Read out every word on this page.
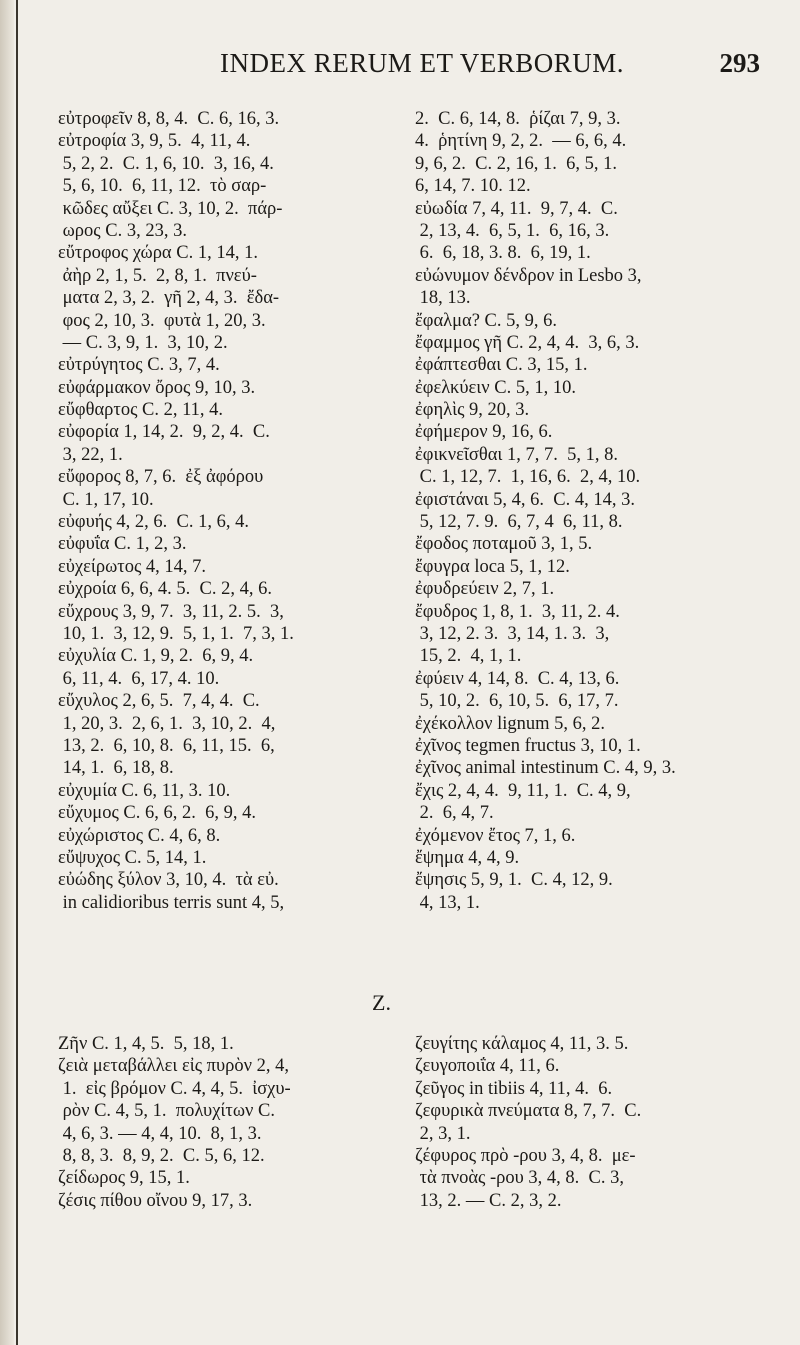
INDEX RERUM ET VERBORUM.	293
εὐτροφεῖν 8, 8, 4.  C. 6, 16, 3.
εὐτροφία 3, 9, 5.  4, 11, 4.
5, 2, 2.  C. 1, 6, 10.  3, 16, 4.
5, 6, 10.  6, 11, 12.  τὸ σαρ-
κῶδες αὔξει C. 3, 10, 2.  πάρ-
ωρος C. 3, 23, 3.
εὔτροφος χώρα C. 1, 14, 1.
ἀὴρ 2, 1, 5.  2, 8, 1.  πνεύ-
ματα 2, 3, 2.  γῆ 2, 4, 3.  ἔδα-
φος 2, 10, 3.  φυτὰ 1, 20, 3.
— C. 3, 9, 1.  3, 10, 2.
εὐτρύγητος C. 3, 7, 4.
εὐφάρμακον ὄρος 9, 10, 3.
εὔφθαρτος C. 2, 11, 4.
εὐφορία 1, 14, 2.  9, 2, 4.  C.
3, 22, 1.
εὔφορος 8, 7, 6.  ἐξ ἀφόρου
C. 1, 17, 10.
εὐφυής 4, 2, 6.  C. 1, 6, 4.
εὐφυΐα C. 1, 2, 3.
εὐχείρωτος 4, 14, 7.
εὐχροία 6, 6, 4. 5.  C. 2, 4, 6.
εὔχρους 3, 9, 7.  3, 11, 2. 5.  3,
10, 1.  3, 12, 9.  5, 1, 1.  7, 3, 1.
εὐχυλία C. 1, 9, 2.  6, 9, 4.
6, 11, 4.  6, 17, 4. 10.
εὔχυλος 2, 6, 5.  7, 4, 4.  C.
1, 20, 3.  2, 6, 1.  3, 10, 2.  4,
13, 2.  6, 10, 8.  6, 11, 15.  6,
14, 1.  6, 18, 8.
εὐχυμία C. 6, 11, 3. 10.
εὔχυμος C. 6, 6, 2.  6, 9, 4.
εὐχώριστος C. 4, 6, 8.
εὔψυχος C. 5, 14, 1.
εὐώδης ξύλον 3, 10, 4.  τὰ εὐ.
in calidioribus terris sunt 4, 5,
2.  C. 6, 14, 8.  ῥίζαι 7, 9, 3.
4.  ῥητίνη 9, 2, 2.  — 6, 6, 4.
9, 6, 2.  C. 2, 16, 1.  6, 5, 1.
6, 14, 7. 10. 12.
εὐωδία 7, 4, 11.  9, 7, 4.  C.
2, 13, 4.  6, 5, 1.  6, 16, 3.
6.  6, 18, 3. 8.  6, 19, 1.
εὐώνυμον δένδρον in Lesbo 3,
18, 13.
ἔφαλμα? C. 5, 9, 6.
ἔφαμμος γῆ C. 2, 4, 4.  3, 6, 3.
ἐφάπτεσθαι C. 3, 15, 1.
ἐφελκύειν C. 5, 1, 10.
ἐφηλὶς 9, 20, 3.
ἐφήμερον 9, 16, 6.
ἐφικνεῖσθαι 1, 7, 7.  5, 1, 8.
C. 1, 12, 7.  1, 16, 6.  2, 4, 10.
ἐφιστάναι 5, 4, 6.  C. 4, 14, 3.
5, 12, 7. 9.  6, 7, 4  6, 11, 8.
ἔφοδος ποταμοῦ 3, 1, 5.
ἔφυγρα loca 5, 1, 12.
ἐφυδρεύειν 2, 7, 1.
ἔφυδρος 1, 8, 1.  3, 11, 2. 4.
3, 12, 2. 3.  3, 14, 1. 3.  3,
15, 2.  4, 1, 1.
ἐφύειν 4, 14, 8.  C. 4, 13, 6.
5, 10, 2.  6, 10, 5.  6, 17, 7.
ἐχέκολλον lignum 5, 6, 2.
ἐχῖνος tegmen fructus 3, 10, 1.
ἐχῖνος animal intestinum C. 4, 9, 3.
ἔχις 2, 4, 4.  9, 11, 1.  C. 4, 9,
2.  6, 4, 7.
ἐχόμενον ἔτος 7, 1, 6.
ἔψημα 4, 4, 9.
ἔψησις 5, 9, 1.  C. 4, 12, 9.
4, 13, 1.
Z.
Ζῆν C. 1, 4, 5.  5, 18, 1.
ζειὰ μεταβάλλει εἰς πυρὸν 2, 4,
1.  εἰς βρόμον C. 4, 4, 5.  ἰσχυ-
ρὸν C. 4, 5, 1.  πολυχίτων C.
4, 6, 3. — 4, 4, 10.  8, 1, 3.
8, 8, 3.  8, 9, 2.  C. 5, 6, 12.
ζείδωρος 9, 15, 1.
ζέσις πίθου οἴνου 9, 17, 3.
ζευγίτης κάλαμος 4, 11, 3. 5.
ζευγοποιΐα 4, 11, 6.
ζεῦγος in tibiis 4, 11, 4.  6.
ζεφυρικὰ πνεύματα 8, 7, 7.  C.
2, 3, 1.
ζέφυρος πρὸ -ρου 3, 4, 8.  με-
τὰ πνοὰς -ρου 3, 4, 8.  C. 3,
13, 2. — C. 2, 3, 2.
